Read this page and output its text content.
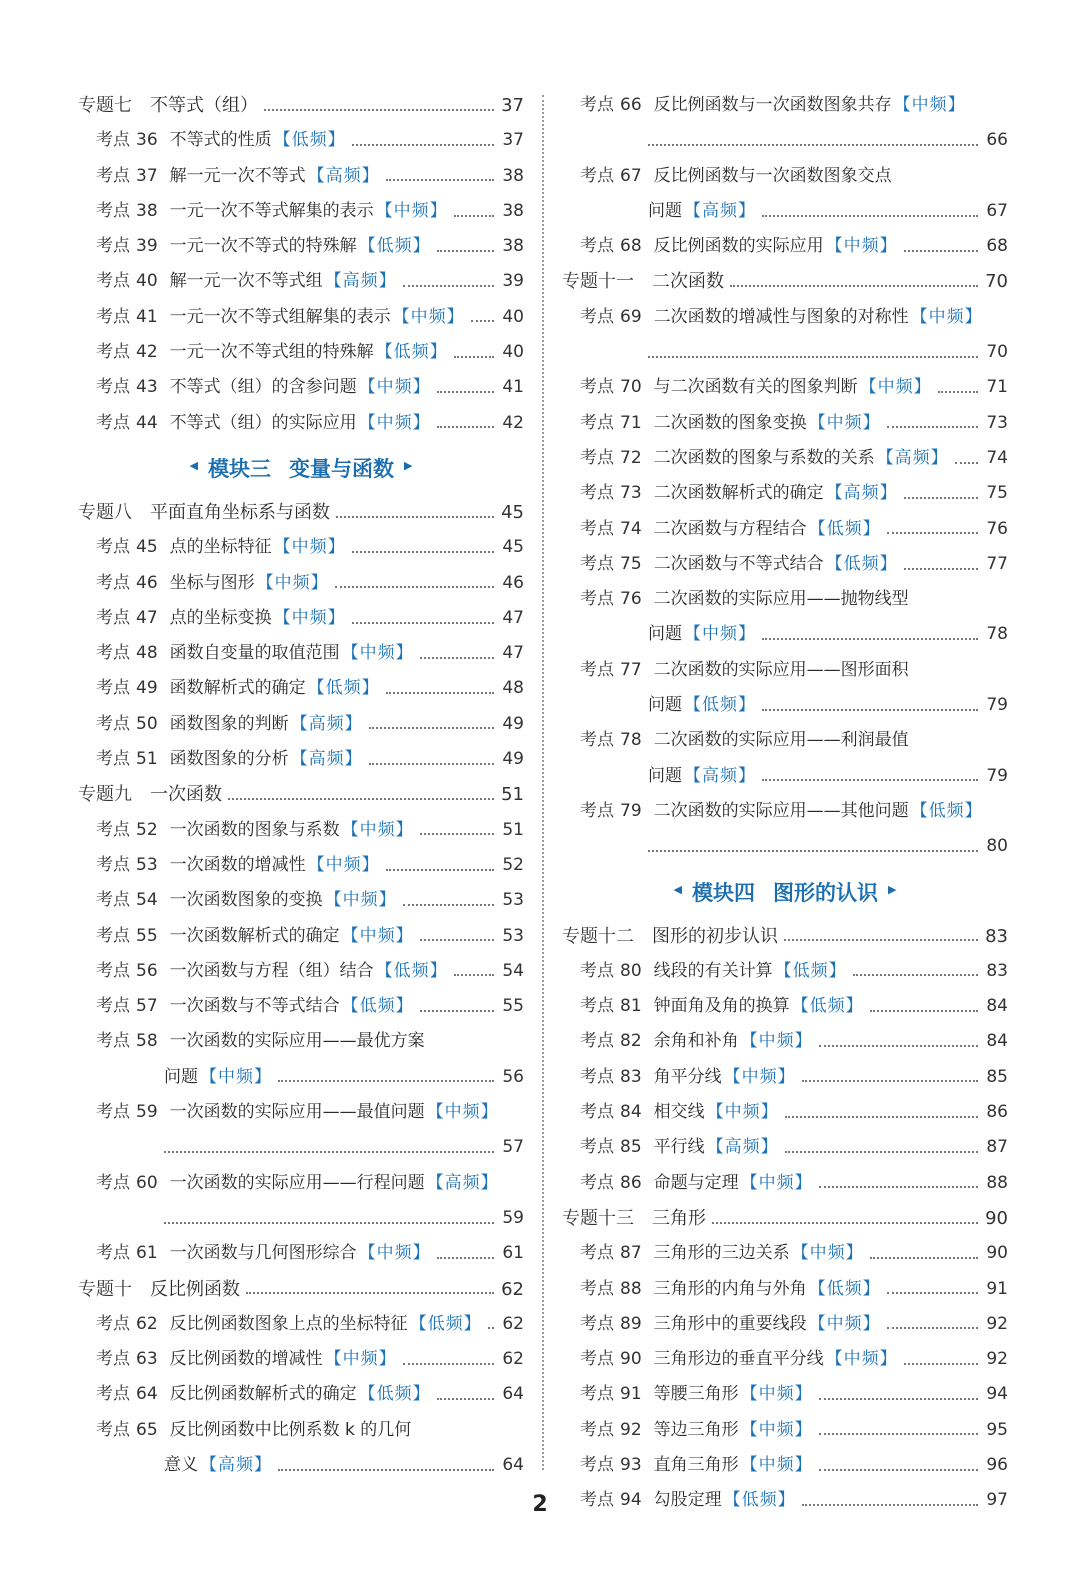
专题七 不等式（组）	37
考点 36 不等式的性质 【低频】	37
考点 37 解一元一次不等式 【高频】	38
考点 38 一元一次不等式解集的表示 【中频】	38
考点 39 一元一次不等式的特殊解 【低频】	38
考点 40 解一元一次不等式组 【高频】	39
考点 41 一元一次不等式组解集的表示 【中频】 40
考点 42 一元一次不等式组的特殊解 【低频】	40
考点 43 不等式（组）的含参问题 【中频】	41
考点 44 不等式（组）的实际应用 【中频】	42
◀ 模块三 变量与函数 ▶
专题八 平面直角坐标系与函数	45
考点 45 点的坐标特征 【中频】	45
考点 46 坐标与图形 【中频】	46
考点 47 点的坐标变换 【中频】	47
考点 48 函数自变量的取值范围 【中频】	47
考点 49 函数解析式的确定 【低频】	48
考点 50 函数图象的判断 【高频】	49
考点 51 函数图象的分析 【高频】	49
专题九 一次函数	51
考点 52 一次函数的图象与系数 【中频】	51
考点 53 一次函数的增减性 【中频】	52
考点 54 一次函数图象的变换 【中频】	53
考点 55 一次函数解析式的确定 【中频】	53
考点 56 一次函数与方程（组）结合 【低频】	54
考点 57 一次函数与不等式结合 【低频】	55
考点 58 一次函数的实际应用——最优方案
问题 【中频】	56
考点 59 一次函数的实际应用——最值问题 【中频】
57
考点 60 一次函数的实际应用——行程问题 【高频】
59
考点 61 一次函数与几何图形综合 【中频】	61
专题十 反比例函数	62
考点 62 反比例函数图象上点的坐标特征 【低频】 62
考点 63 反比例函数的增减性 【中频】	62
考点 64 反比例函数解析式的确定 【低频】	64
考点 65 反比例函数中比例系数 k 的几何
意义 【高频】	64
考点 66 反比例函数与一次函数图象共存 【中频】
66
考点 67 反比例函数与一次函数图象交点
问题 【高频】	67
考点 68 反比例函数的实际应用 【中频】	68
专题十一 二次函数	70
考点 69 二次函数的增减性与图象的对称性 【中频】
70
考点 70 与二次函数有关的图象判断 【中频】	71
考点 71 二次函数的图象变换 【中频】	73
考点 72 二次函数的图象与系数的关系 【高频】 74
考点 73 二次函数解析式的确定 【高频】	75
考点 74 二次函数与方程结合 【低频】	76
考点 75 二次函数与不等式结合 【低频】	77
考点 76 二次函数的实际应用——抛物线型
问题 【中频】	78
考点 77 二次函数的实际应用——图形面积
问题 【低频】	79
考点 78 二次函数的实际应用——利润最值
问题 【高频】	79
考点 79 二次函数的实际应用——其他问题 【低频】
80
◀ 模块四 图形的认识 ▶
专题十二 图形的初步认识	83
考点 80 线段的有关计算 【低频】	83
考点 81 钟面角及角的换算 【低频】	84
考点 82 余角和补角 【中频】	84
考点 83 角平分线 【中频】	85
考点 84 相交线 【中频】	86
考点 85 平行线 【高频】	87
考点 86 命题与定理 【中频】	88
专题十三 三角形	90
考点 87 三角形的三边关系 【中频】	90
考点 88 三角形的内角与外角 【低频】	91
考点 89 三角形中的重要线段 【中频】	92
考点 90 三角形边的垂直平分线 【中频】	92
考点 91 等腰三角形 【中频】	94
考点 92 等边三角形 【中频】	95
考点 93 直角三角形 【中频】	96
考点 94 勾股定理 【低频】	97
2
